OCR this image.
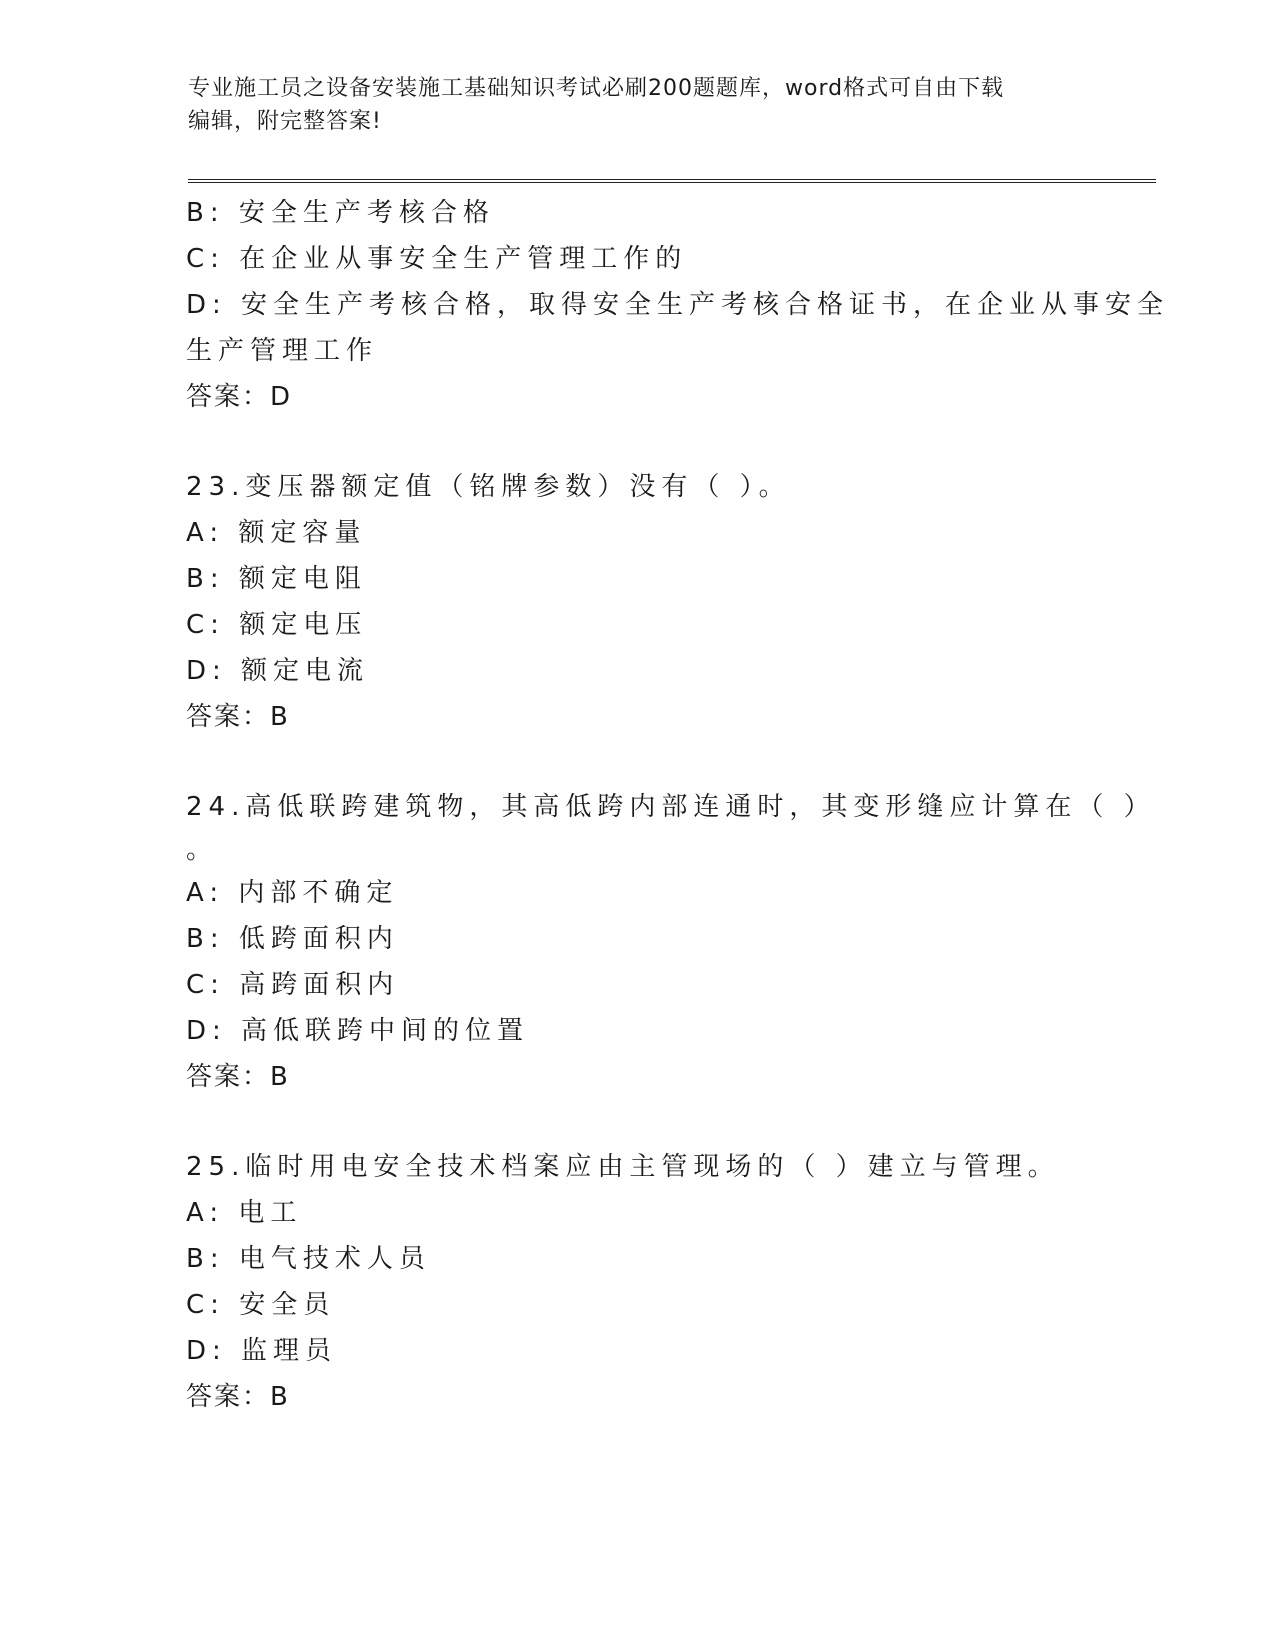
专业施工员之设备安装施工基础知识考试必刷200题题库，word格式可自由下载
编辑，附完整答案!
B: 安全生产考核合格
C: 在企业从事安全生产管理工作的
D: 安全生产考核合格，取得安全生产考核合格证书，在企业从事安全
生产管理工作
答案：D
23.变压器额定值（铭牌参数）没有（ ）。
A: 额定容量
B: 额定电阻
C: 额定电压
D: 额定电流
答案：B
24.高低联跨建筑物，其高低跨内部连通时，其变形缝应计算在（ ）
。
A: 内部不确定
B: 低跨面积内
C: 高跨面积内
D: 高低联跨中间的位置
答案：B
25.临时用电安全技术档案应由主管现场的（ ）建立与管理。
A: 电工
B: 电气技术人员
C: 安全员
D: 监理员
答案：B
